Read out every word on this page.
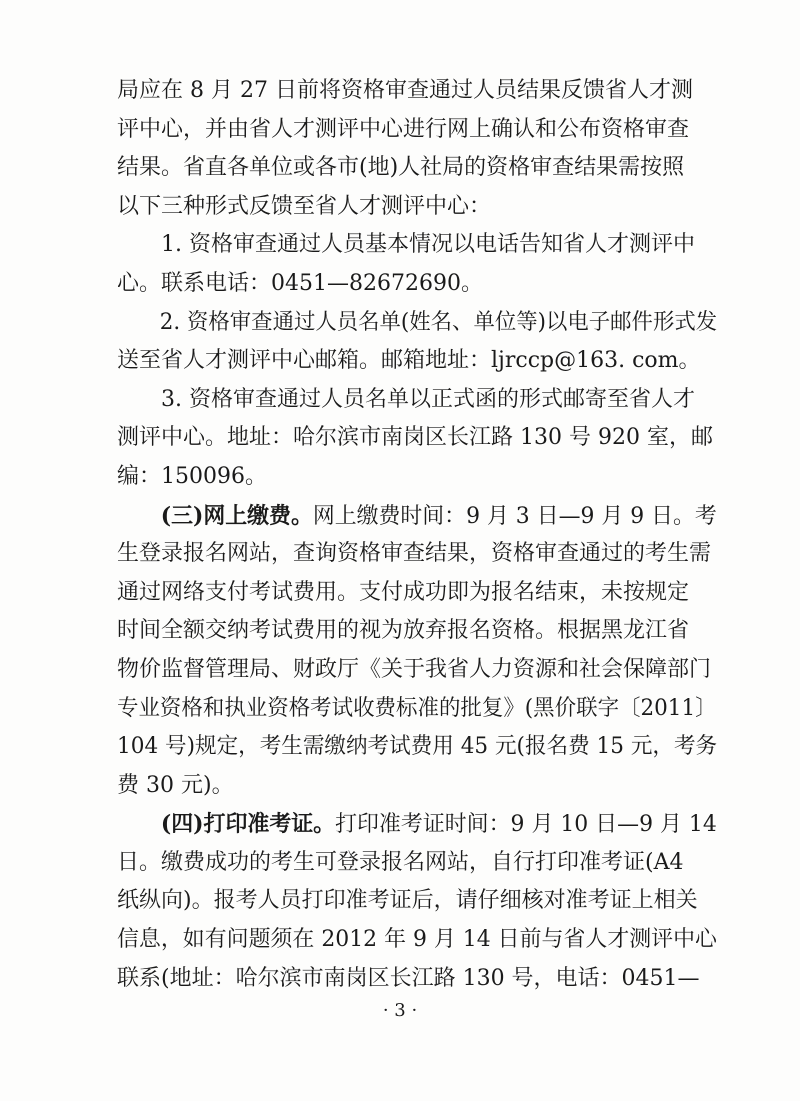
局应在 8 月 27 日前将资格审查通过人员结果反馈省人才测
评中心，并由省人才测评中心进行网上确认和公布资格审查
结果。省直各单位或各市(地)人社局的资格审查结果需按照
以下三种形式反馈至省人才测评中心：
　　1. 资格审查通过人员基本情况以电话告知省人才测评中
心。联系电话：0451—82672690。
　　2. 资格审查通过人员名单(姓名、单位等)以电子邮件形式发
送至省人才测评中心邮箱。邮箱地址：ljrccp@163. com。
　　3. 资格审查通过人员名单以正式函的形式邮寄至省人才
测评中心。地址：哈尔滨市南岗区长江路 130 号 920 室，邮
编：150096。
　　(三)网上缴费。网上缴费时间：9 月 3 日—9 月 9 日。考
生登录报名网站，查询资格审查结果，资格审查通过的考生需
通过网络支付考试费用。支付成功即为报名结束，未按规定
时间全额交纳考试费用的视为放弃报名资格。根据黑龙江省
物价监督管理局、财政厅《关于我省人力资源和社会保障部门
专业资格和执业资格考试收费标准的批复》(黑价联字〔2011〕
104 号)规定，考生需缴纳考试费用 45 元(报名费 15 元，考务
费 30 元)。
　　(四)打印准考证。打印准考证时间：9 月 10 日—9 月 14
日。缴费成功的考生可登录报名网站，自行打印准考证(A4
纸纵向)。报考人员打印准考证后，请仔细核对准考证上相关
信息，如有问题须在 2012 年 9 月 14 日前与省人才测评中心
联系(地址：哈尔滨市南岗区长江路 130 号，电话：0451—
· 3 ·
